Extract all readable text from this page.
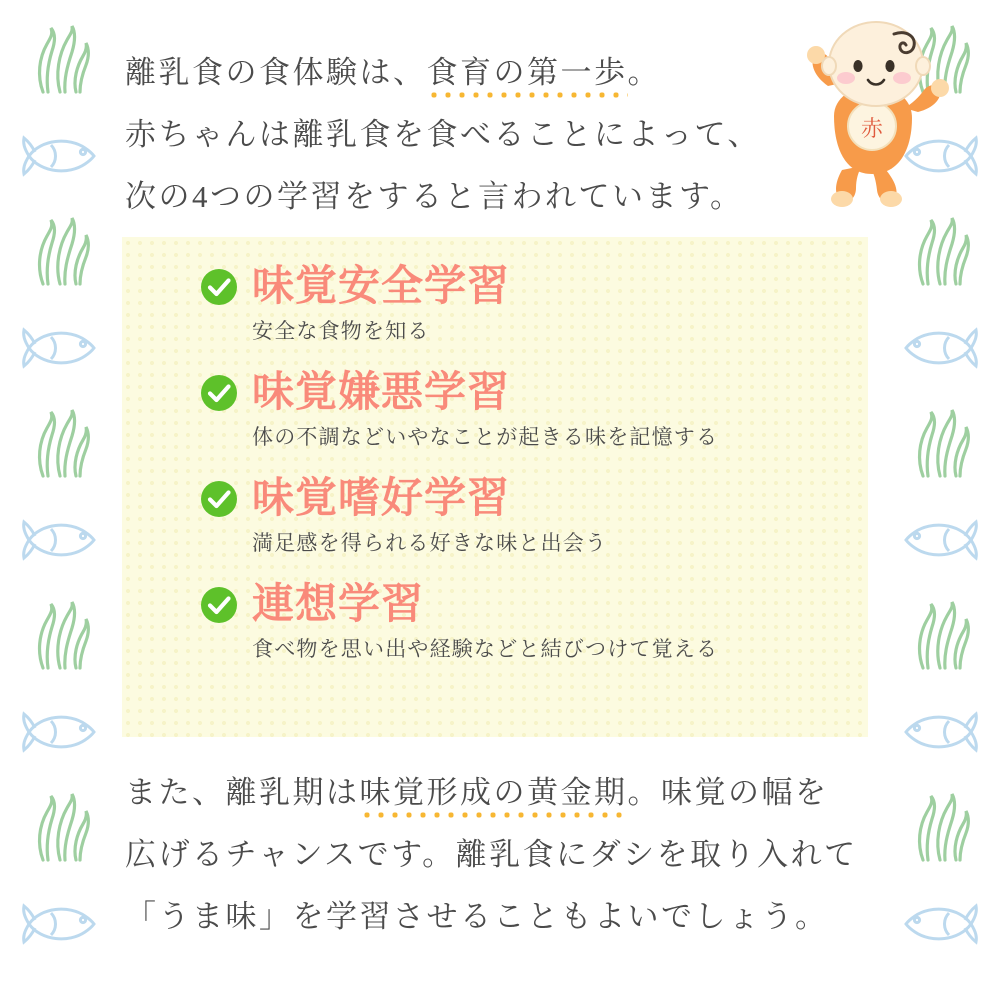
離乳食の食体験は、食育の第一歩。
赤ちゃんは離乳食を食べることによって、
次の4つの学習をすると言われています。
赤
味覚安全学習
安全な食物を知る
味覚嫌悪学習
体の不調などいやなことが起きる味を記憶する
味覚嗜好学習
満足感を得られる好きな味と出会う
連想学習
食べ物を思い出や経験などと結びつけて覚える
また、離乳期は味覚形成の黄金期。味覚の幅を
広げるチャンスです。離乳食にダシを取り入れて
「うま味」を学習させることもよいでしょう。
